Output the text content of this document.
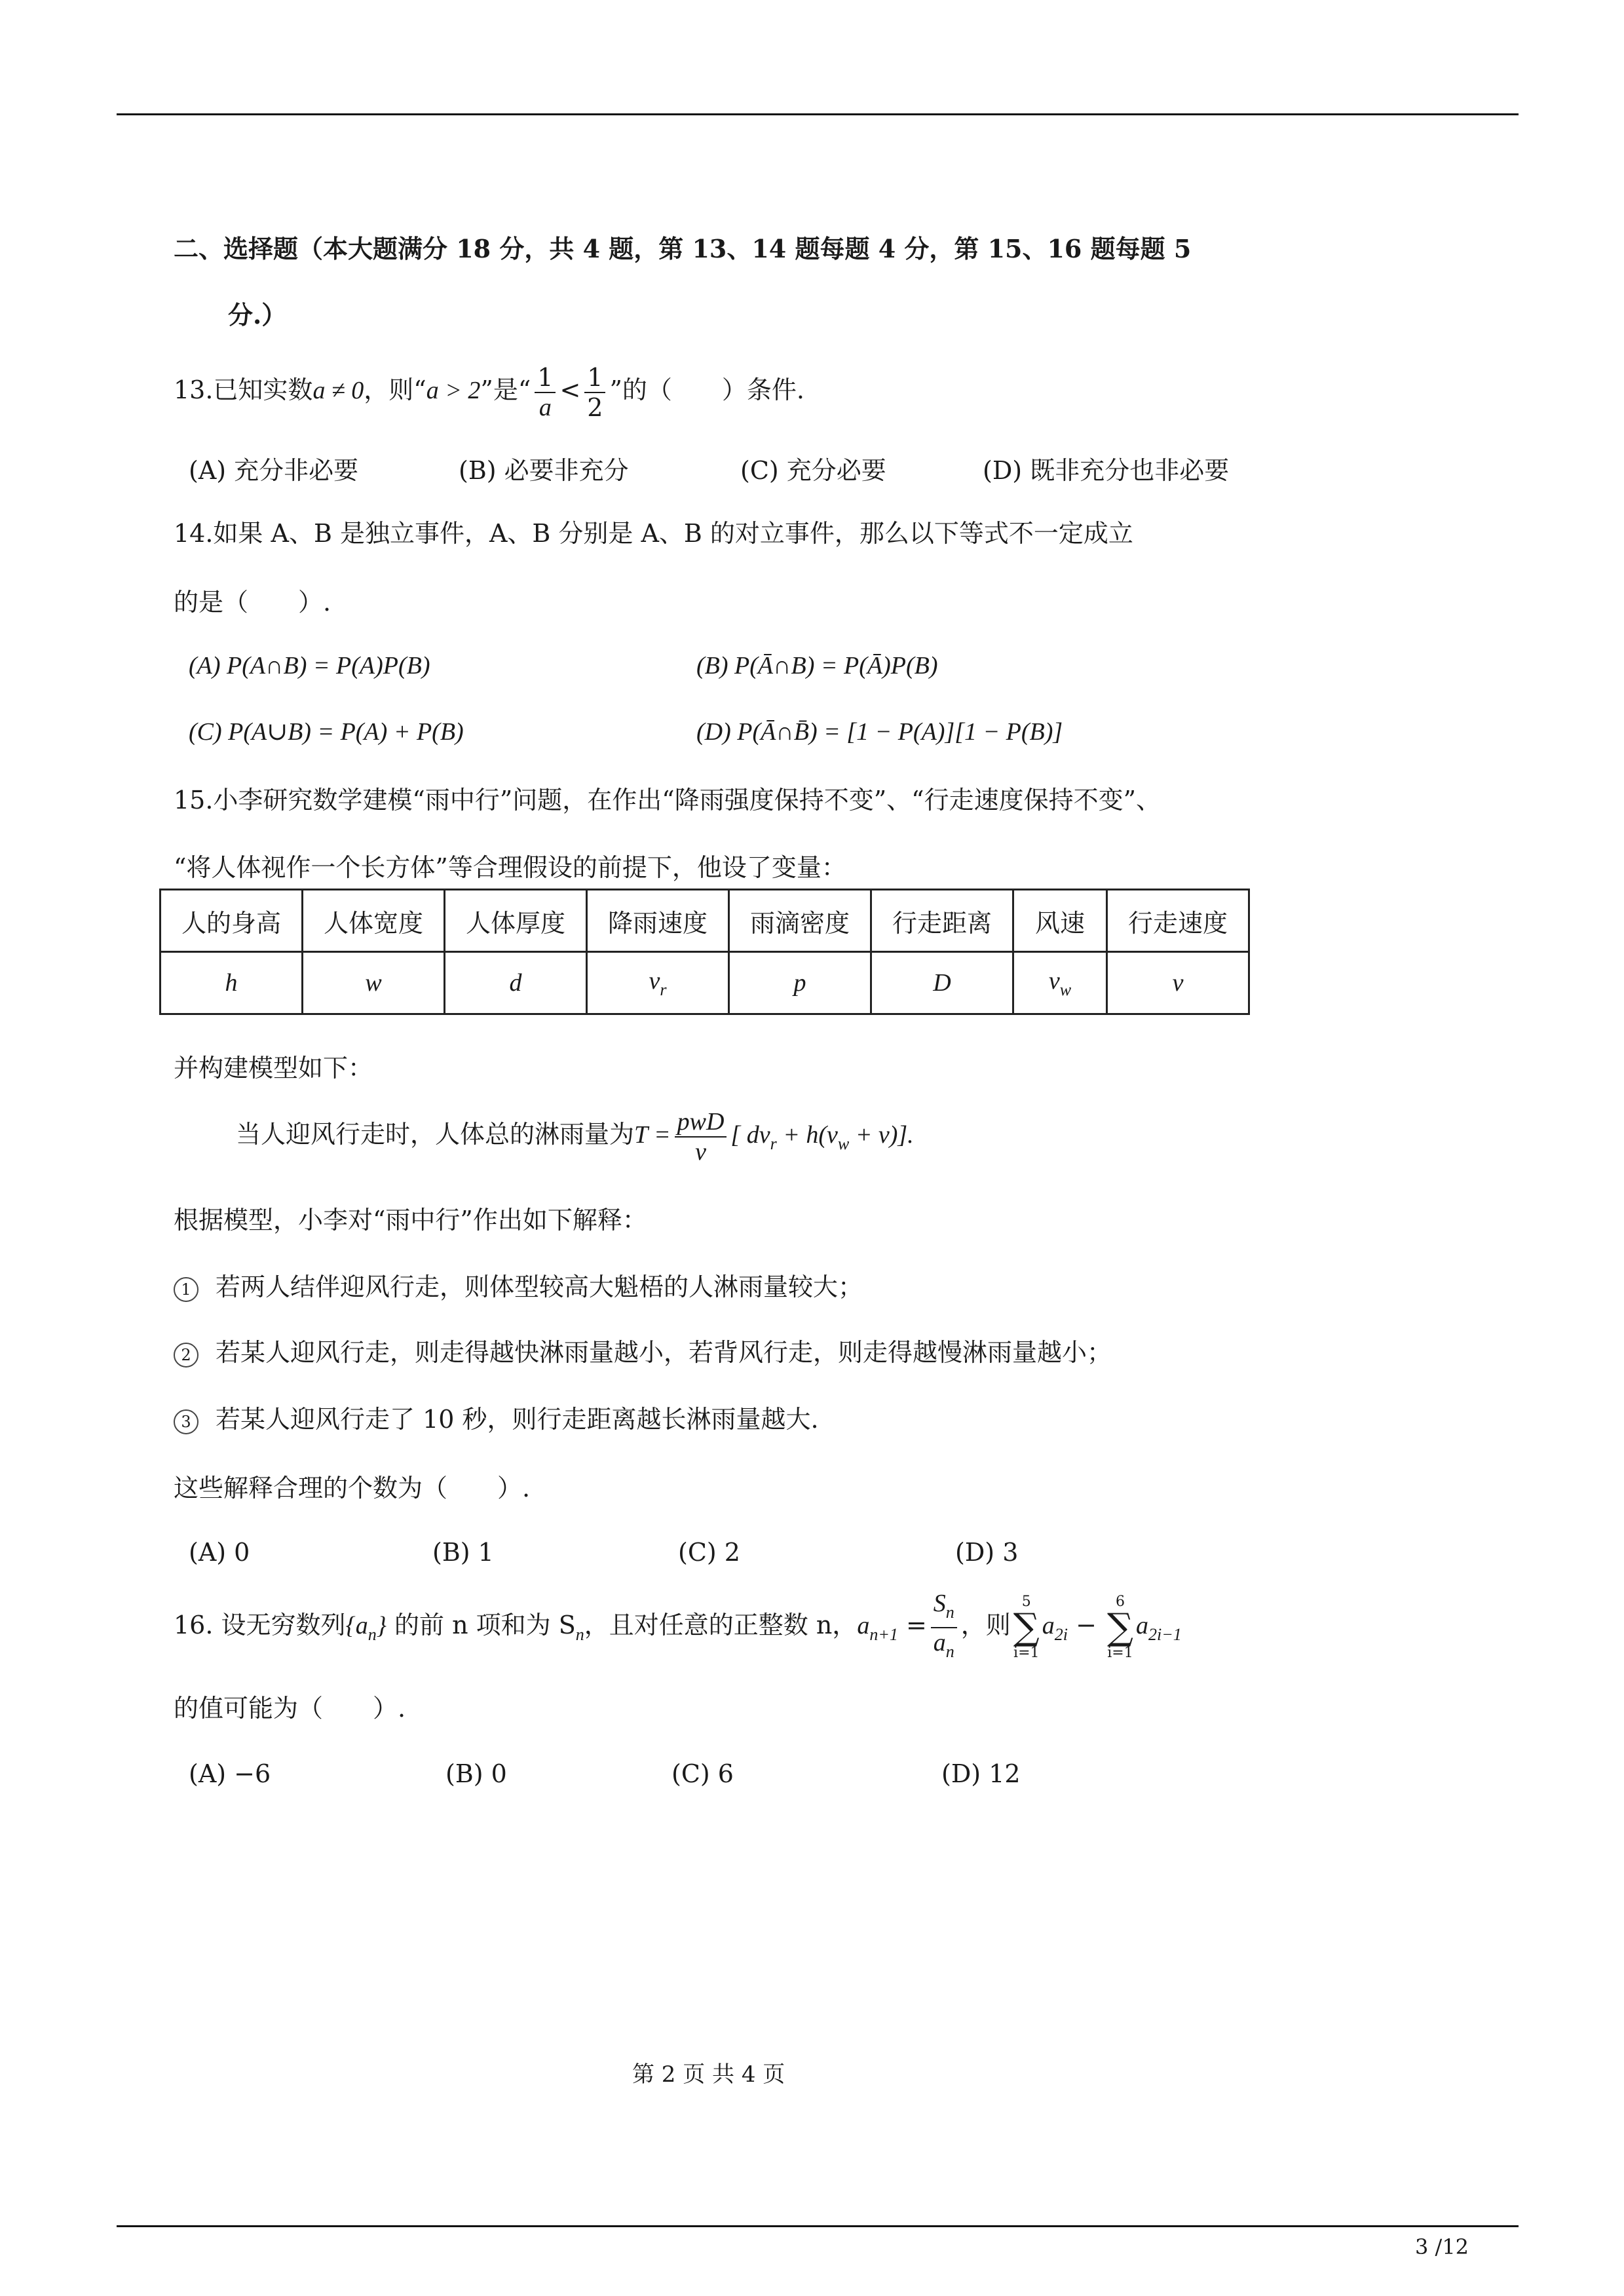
二、选择题（本大题满分 18 分，共 4 题，第 13、14 题每题 4 分，第 15、16 题每题 5
分.）
13.已知实数a ≠ 0，则“a > 2”是“ $\frac{1}{a} < \frac{1}{2}$ ”的（　　）条件.
(A) 充分非必要	(B) 必要非充分	(C) 充分必要	(D) 既非充分也非必要
14.如果 A、B 是独立事件，A、B 分别是 A、B 的对立事件，那么以下等式不一定成立
的是（　　）.
(A) P(A∩B) = P(A)P(B)	(B) P(Ā∩B) = P(Ā)P(B)
(C) P(A∪B) = P(A) + P(B)	(D) P(Ā∩B̄) = [1 − P(A)][1 − P(B)]
15.小李研究数学建模“雨中行”问题，在作出“降雨强度保持不变”、“行走速度保持不变”、
“将人体视作一个长方体”等合理假设的前提下，他设了变量：
人的身高	人体宽度	人体厚度	降雨速度	雨滴密度	行走距离	风速	行走速度
h	w	d	$v_r$	p	D	$v_w$	v
并构建模型如下：
当人迎风行走时，人体总的淋雨量为$T = \frac{\text{pwD}}{v}$ [ $dv_r + h(v_w + v)$].
根据模型，小李对“雨中行”作出如下解释：
1 若两人结伴迎风行走，则体型较高大魁梧的人淋雨量较大；
2 若某人迎风行走，则走得越快淋雨量越小，若背风行走，则走得越慢淋雨量越小；
3 若某人迎风行走了 10 秒，则行走距离越长淋雨量越大.
这些解释合理的个数为（　　）.
(A) 0	(B) 1	(C) 2	(D) 3
16. 设无穷数列$\{a_n\}$ 的前 n 项和为 $S_n$，且对任意的正整数 n，$a_{n+1} = \frac{S_n}{a_n}$ ，则
5
∑
i=1
$a_{2i}$ −
6
∑
i=1
$a_{2i-1}$
的值可能为（　　）.
(A) −6	(B) 0	(C) 6	(D) 12
第 2 页 共 4 页
3 /12
